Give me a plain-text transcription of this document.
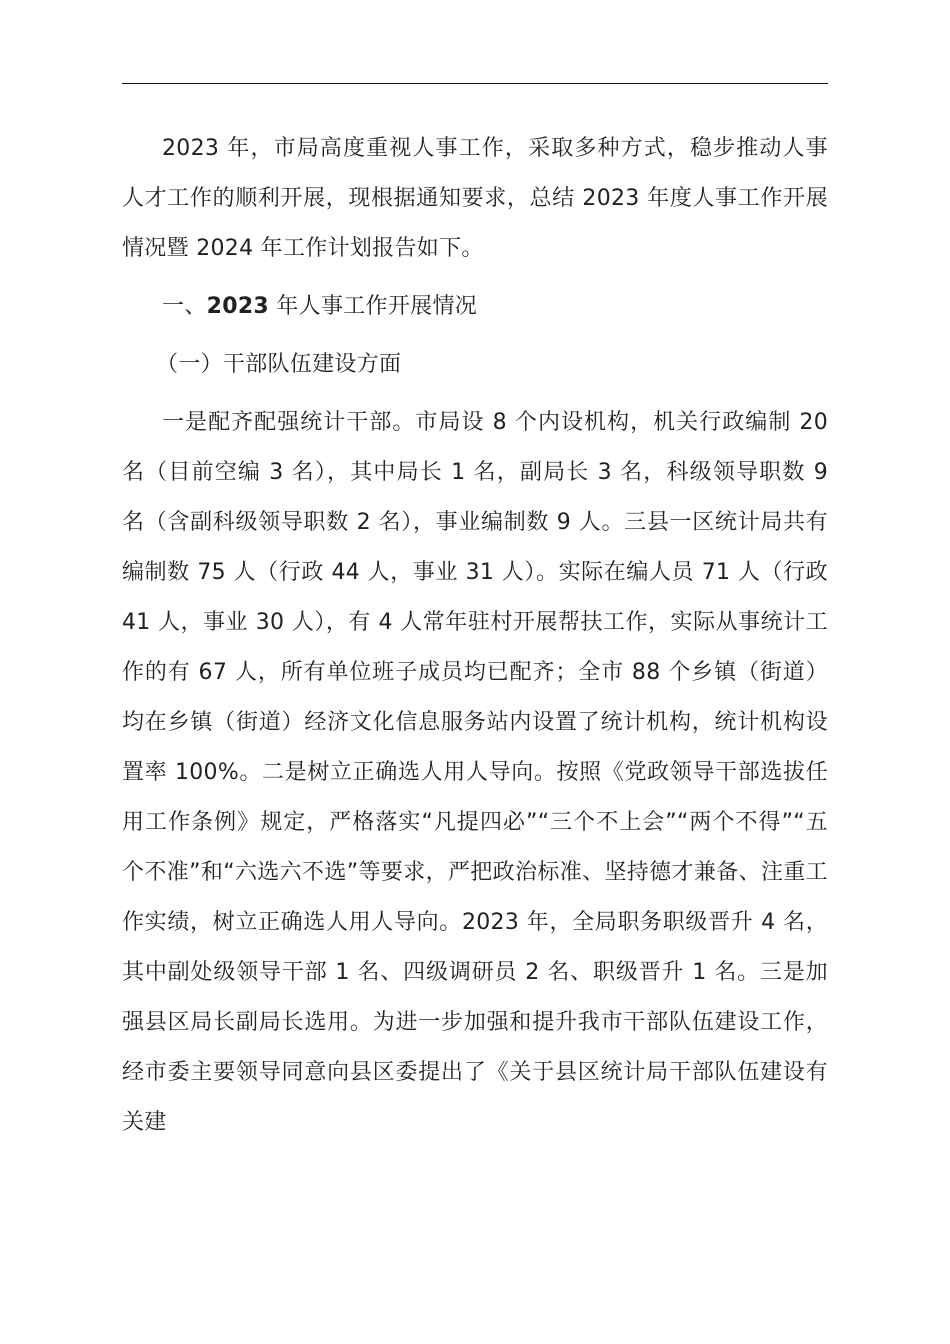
2023 年，市局高度重视人事工作，采取多种方式，稳步推动人事人才工作的顺利开展，现根据通知要求，总结 2023 年度人事工作开展情况暨 2024 年工作计划报告如下。

一、2023 年人事工作开展情况

（一）干部队伍建设方面

一是配齐配强统计干部。市局设 8 个内设机构，机关行政编制 20 名（目前空编 3 名），其中局长 1 名，副局长 3 名，科级领导职数 9 名（含副科级领导职数 2 名），事业编制数 9 人。三县一区统计局共有编制数 75 人（行政 44 人，事业 31 人）。实际在编人员 71 人（行政 41 人，事业 30 人），有 4 人常年驻村开展帮扶工作，实际从事统计工作的有 67 人，所有单位班子成员均已配齐；全市 88 个乡镇（街道）均在乡镇（街道）经济文化信息服务站内设置了统计机构，统计机构设置率 100%。二是树立正确选人用人导向。按照《党政领导干部选拔任用工作条例》规定，严格落实“凡提四必”“三个不上会”“两个不得”“五个不准”和“六选六不选”等要求，严把政治标准、坚持德才兼备、注重工作实绩，树立正确选人用人导向。2023 年，全局职务职级晋升 4 名，其中副处级领导干部 1 名、四级调研员 2 名、职级晋升 1 名。三是加强县区局长副局长选用。为进一步加强和提升我市干部队伍建设工作，经市委主要领导同意向县区委提出了《关于县区统计局干部队伍建设有关建
